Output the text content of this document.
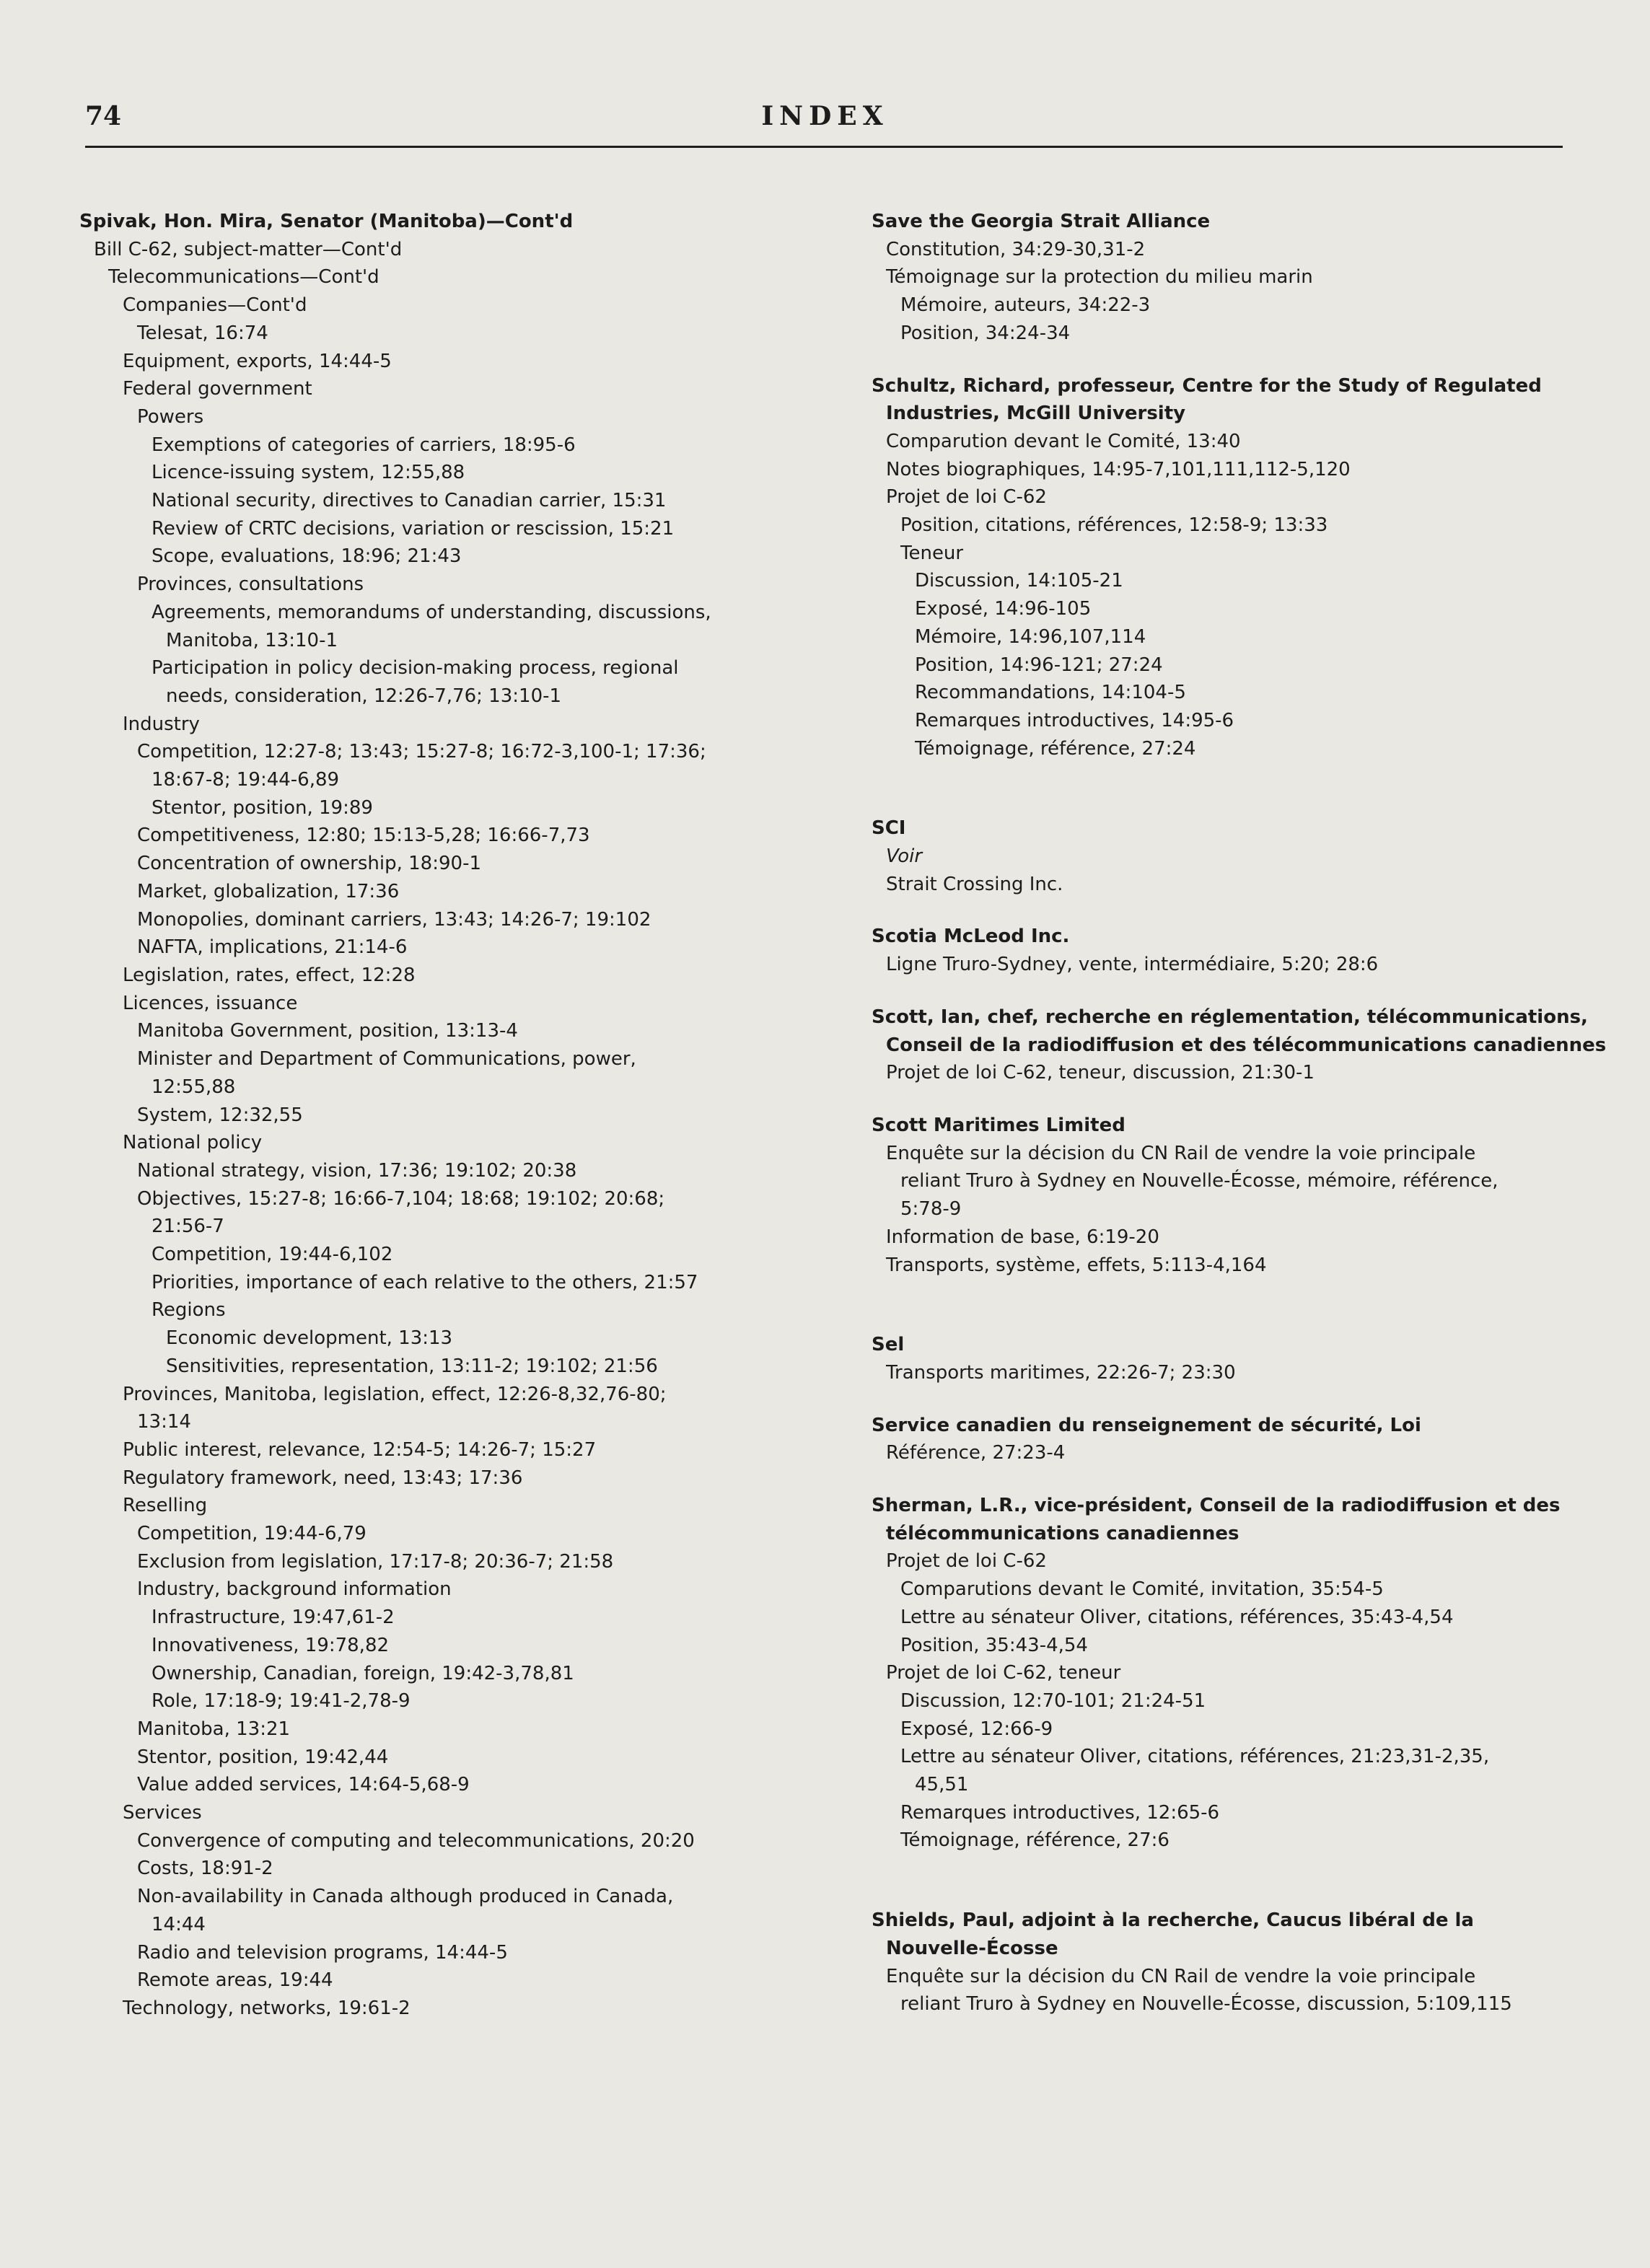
74	INDEX
Spivak, Hon. Mira, Senator (Manitoba)—Cont'd
Bill C-62, subject-matter—Cont'd
Telecommunications—Cont'd
Companies—Cont'd
Telesat, 16:74
Equipment, exports, 14:44-5
Federal government
Powers
Exemptions of categories of carriers, 18:95-6
Licence-issuing system, 12:55,88
National security, directives to Canadian carrier, 15:31
Review of CRTC decisions, variation or rescission, 15:21
Scope, evaluations, 18:96; 21:43
Provinces, consultations
Agreements, memorandums of understanding, discussions,
Manitoba, 13:10-1
Participation in policy decision-making process, regional
needs, consideration, 12:26-7,76; 13:10-1
Industry
Competition, 12:27-8; 13:43; 15:27-8; 16:72-3,100-1; 17:36;
18:67-8; 19:44-6,89
Stentor, position, 19:89
Competitiveness, 12:80; 15:13-5,28; 16:66-7,73
Concentration of ownership, 18:90-1
Market, globalization, 17:36
Monopolies, dominant carriers, 13:43; 14:26-7; 19:102
NAFTA, implications, 21:14-6
Legislation, rates, effect, 12:28
Licences, issuance
Manitoba Government, position, 13:13-4
Minister and Department of Communications, power,
12:55,88
System, 12:32,55
National policy
National strategy, vision, 17:36; 19:102; 20:38
Objectives, 15:27-8; 16:66-7,104; 18:68; 19:102; 20:68;
21:56-7
Competition, 19:44-6,102
Priorities, importance of each relative to the others, 21:57
Regions
Economic development, 13:13
Sensitivities, representation, 13:11-2; 19:102; 21:56
Provinces, Manitoba, legislation, effect, 12:26-8,32,76-80;
13:14
Public interest, relevance, 12:54-5; 14:26-7; 15:27
Regulatory framework, need, 13:43; 17:36
Reselling
Competition, 19:44-6,79
Exclusion from legislation, 17:17-8; 20:36-7; 21:58
Industry, background information
Infrastructure, 19:47,61-2
Innovativeness, 19:78,82
Ownership, Canadian, foreign, 19:42-3,78,81
Role, 17:18-9; 19:41-2,78-9
Manitoba, 13:21
Stentor, position, 19:42,44
Value added services, 14:64-5,68-9
Services
Convergence of computing and telecommunications, 20:20
Costs, 18:91-2
Non-availability in Canada although produced in Canada,
14:44
Radio and television programs, 14:44-5
Remote areas, 19:44
Technology, networks, 19:61-2
Save the Georgia Strait Alliance
Constitution, 34:29-30,31-2
Témoignage sur la protection du milieu marin
Mémoire, auteurs, 34:22-3
Position, 34:24-34
Schultz, Richard, professeur, Centre for the Study of Regulated
Industries, McGill University
Comparution devant le Comité, 13:40
Notes biographiques, 14:95-7,101,111,112-5,120
Projet de loi C-62
Position, citations, références, 12:58-9; 13:33
Teneur
Discussion, 14:105-21
Exposé, 14:96-105
Mémoire, 14:96,107,114
Position, 14:96-121; 27:24
Recommandations, 14:104-5
Remarques introductives, 14:95-6
Témoignage, référence, 27:24
SCI
Voir
Strait Crossing Inc.
Scotia McLeod Inc.
Ligne Truro-Sydney, vente, intermédiaire, 5:20; 28:6
Scott, Ian, chef, recherche en réglementation, télécommunications,
Conseil de la radiodiffusion et des télécommunications canadiennes
Projet de loi C-62, teneur, discussion, 21:30-1
Scott Maritimes Limited
Enquête sur la décision du CN Rail de vendre la voie principale
reliant Truro à Sydney en Nouvelle-Écosse, mémoire, référence,
5:78-9
Information de base, 6:19-20
Transports, système, effets, 5:113-4,164
Sel
Transports maritimes, 22:26-7; 23:30
Service canadien du renseignement de sécurité, Loi
Référence, 27:23-4
Sherman, L.R., vice-président, Conseil de la radiodiffusion et des
télécommunications canadiennes
Projet de loi C-62
Comparutions devant le Comité, invitation, 35:54-5
Lettre au sénateur Oliver, citations, références, 35:43-4,54
Position, 35:43-4,54
Projet de loi C-62, teneur
Discussion, 12:70-101; 21:24-51
Exposé, 12:66-9
Lettre au sénateur Oliver, citations, références, 21:23,31-2,35,
45,51
Remarques introductives, 12:65-6
Témoignage, référence, 27:6
Shields, Paul, adjoint à la recherche, Caucus libéral de la
Nouvelle-Écosse
Enquête sur la décision du CN Rail de vendre la voie principale
reliant Truro à Sydney en Nouvelle-Écosse, discussion, 5:109,115
